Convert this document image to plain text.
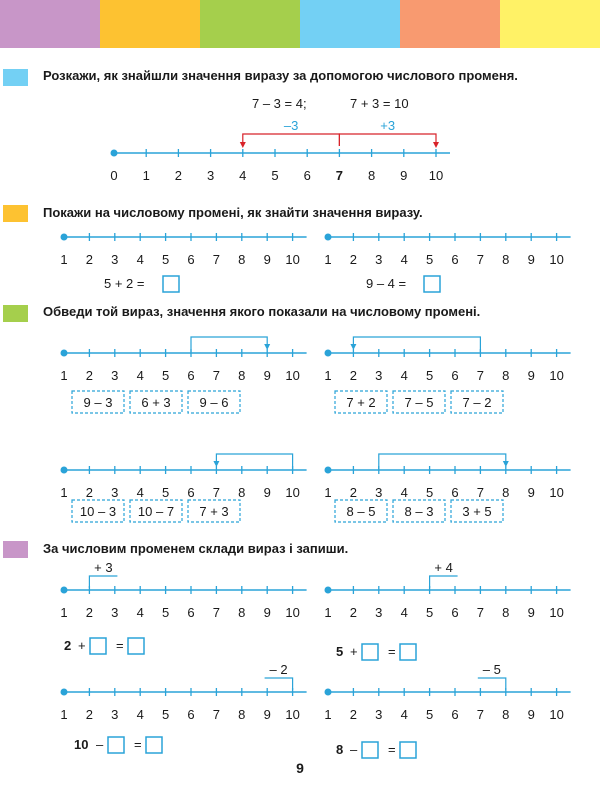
Розкажи, як знайшли значення виразу за допомогою числового променя.
Покажи на числовому промені, як знайти значення виразу.
Обведи той вираз, значення якого показали на числовому промені.
За числовим променем склади вираз і запиши.
7 – 3 = 4;	7 + 3 = 10
0 1 2 3 4 5 6 7 8 9 10
–3	+3
1 2 3 4 5 6 7 8 9 10 1 2 3 4 5 6 7 8 9 10
5 + 2 =	9 – 4 =
1 2 3 4 5 6 7 8 9 10
9 – 3 6 + 3 9 – 6
1 2 3 4 5 6 7 8 9 10
7 + 2 7 – 5 7 – 2
1 2 3 4 5 6 7 8 9 10
10 – 3 10 – 7 7 + 3
1 2 3 4 5 6 7 8 9 10
8 – 5 8 – 3 3 + 5
1 2 3 4 5 6 7 8 9 10
+ 3
2 + =
1 2 3 4 5 6 7 8 9 10
+ 4
5 + =
1 2 3 4 5 6 7 8 9 10
– 2
10 – =
1 2 3 4 5 6 7 8 9 10
– 5
8 – =
9
